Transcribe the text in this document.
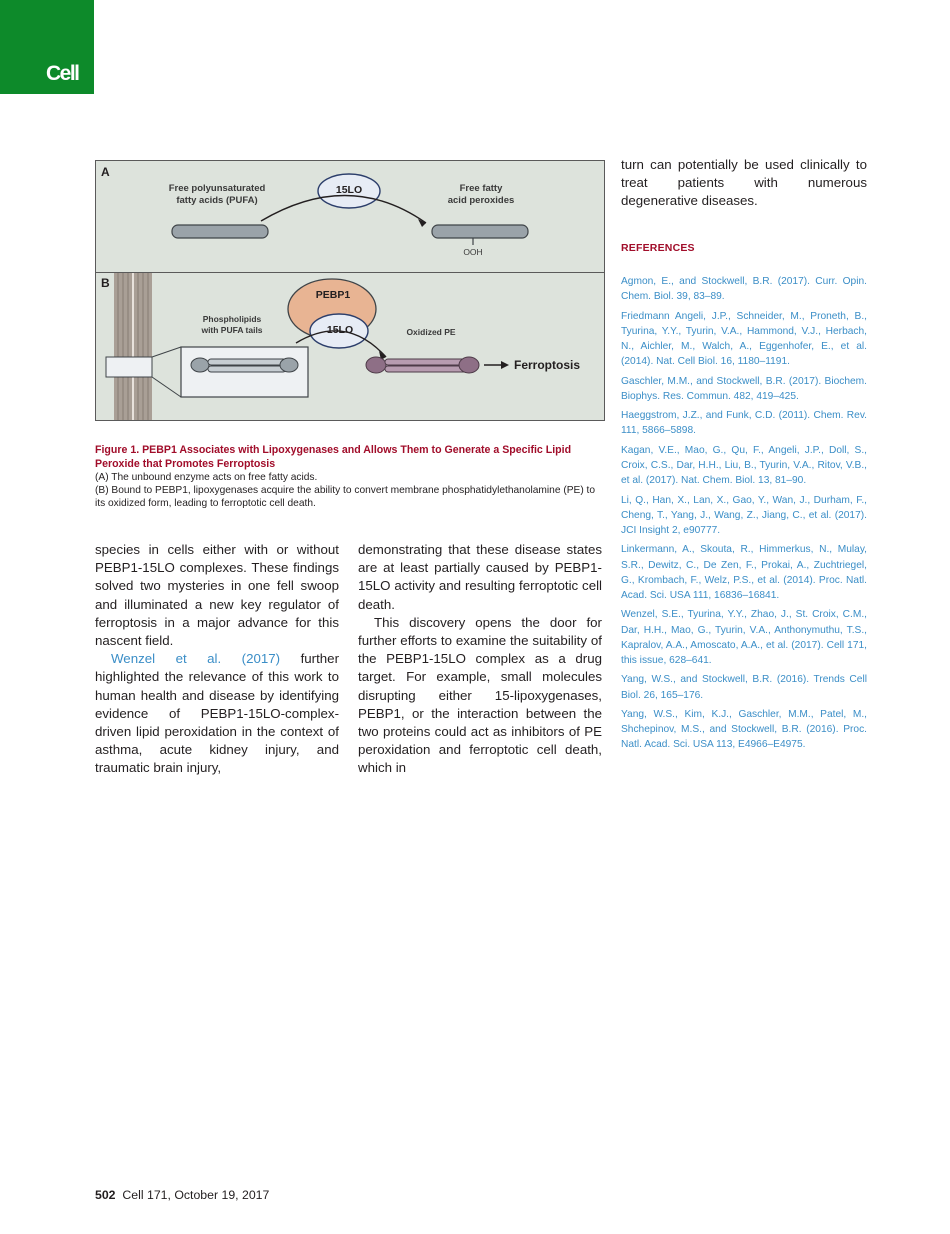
Cell
A
Free polyunsaturated
fatty acids (PUFA)
15LO	Free fatty
acid peroxides
OOH
B
PEBP1
15LO
Phospholipids
with PUFA tails	Oxidized PE
Ferroptosis

Figure 1. PEBP1 Associates with Lipoxygenases and Allows Them to Generate a Specific Lipid Peroxide that Promotes Ferroptosis

(A) The unbound enzyme acts on free fatty acids.

(B) Bound to PEBP1, lipoxygenases acquire the ability to convert membrane phosphatidylethanolamine (PE) to its oxidized form, leading to ferroptotic cell death.

species in cells either with or without PEBP1-15LO complexes. These findings solved two mysteries in one fell swoop and illuminated a new key regulator of ferroptosis in a major advance for this nascent field.

Wenzel et al. (2017) further highlighted the relevance of this work to human health and disease by identifying evidence of PEBP1-15LO-complex-driven lipid peroxidation in the context of asthma, acute kidney injury, and traumatic brain injury,

demonstrating that these disease states are at least partially caused by PEBP1-15LO activity and resulting ferroptotic cell death.

This discovery opens the door for further efforts to examine the suitability of the PEBP1-15LO complex as a drug target. For example, small molecules disrupting either 15-lipoxygenases, PEBP1, or the interaction between the two proteins could act as inhibitors of PE peroxidation and ferroptotic cell death, which in

turn can potentially be used clinically to treat patients with numerous degenerative diseases.

REFERENCES

Agmon, E., and Stockwell, B.R. (2017). Curr. Opin. Chem. Biol. 39, 83–89.

Friedmann Angeli, J.P., Schneider, M., Proneth, B., Tyurina, Y.Y., Tyurin, V.A., Hammond, V.J., Herbach, N., Aichler, M., Walch, A., Eggenhofer, E., et al. (2014). Nat. Cell Biol. 16, 1180–1191.

Gaschler, M.M., and Stockwell, B.R. (2017). Biochem. Biophys. Res. Commun. 482, 419–425.

Haeggstrom, J.Z., and Funk, C.D. (2011). Chem. Rev. 111, 5866–5898.

Kagan, V.E., Mao, G., Qu, F., Angeli, J.P., Doll, S., Croix, C.S., Dar, H.H., Liu, B., Tyurin, V.A., Ritov, V.B., et al. (2017). Nat. Chem. Biol. 13, 81–90.

Li, Q., Han, X., Lan, X., Gao, Y., Wan, J., Durham, F., Cheng, T., Yang, J., Wang, Z., Jiang, C., et al. (2017). JCI Insight 2, e90777.

Linkermann, A., Skouta, R., Himmerkus, N., Mulay, S.R., Dewitz, C., De Zen, F., Prokai, A., Zuchtriegel, G., Krombach, F., Welz, P.S., et al. (2014). Proc. Natl. Acad. Sci. USA 111, 16836–16841.

Wenzel, S.E., Tyurina, Y.Y., Zhao, J., St. Croix, C.M., Dar, H.H., Mao, G., Tyurin, V.A., Anthonymuthu, T.S., Kapralov, A.A., Amoscato, A.A., et al. (2017). Cell 171, this issue, 628–641.

Yang, W.S., and Stockwell, B.R. (2016). Trends Cell Biol. 26, 165–176.

Yang, W.S., Kim, K.J., Gaschler, M.M., Patel, M., Shchepinov, M.S., and Stockwell, B.R. (2016). Proc. Natl. Acad. Sci. USA 113, E4966–E4975.

502 Cell 171, October 19, 2017
